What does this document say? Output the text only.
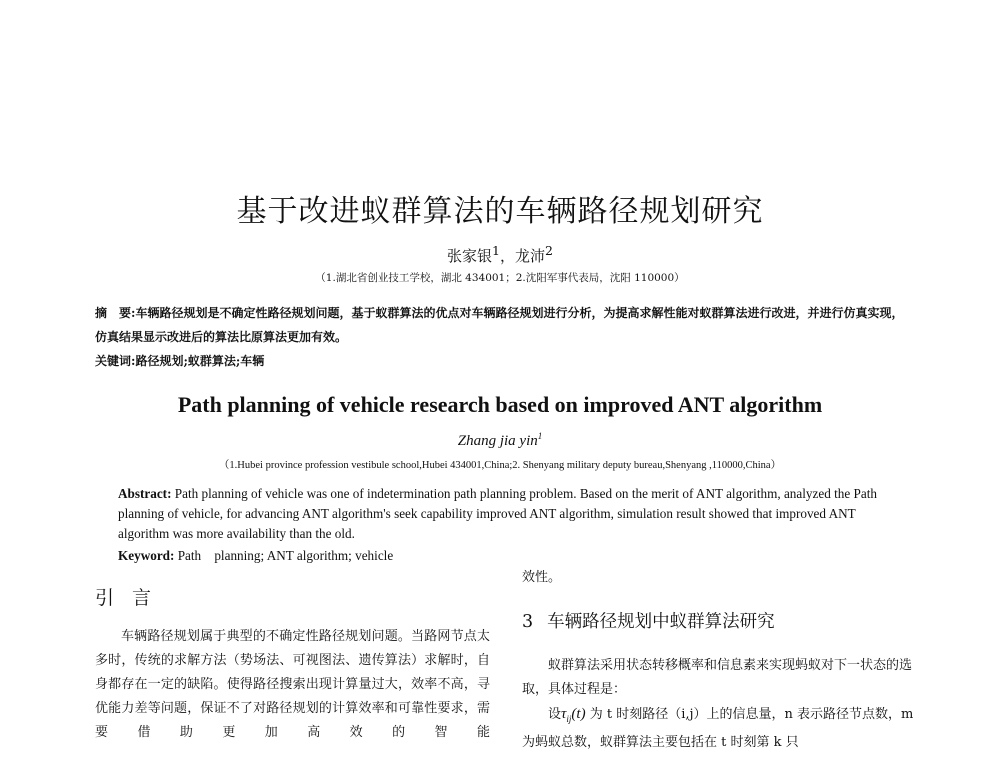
基于改进蚁群算法的车辆路径规划研究
张家银$^1$，龙沛$^2$
（1.湖北省创业技工学校，湖北 434001；2.沈阳军事代表局，沈阳 110000）
摘　要:车辆路径规划是不确定性路径规划问题，基于蚁群算法的优点对车辆路径规划进行分析，为提高求解性能对蚁群算法进行改进，并进行仿真实现，仿真结果显示改进后的算法比原算法更加有效。
关键词:路径规划;蚁群算法;车辆
Path planning of vehicle research based on improved ANT algorithm
Zhang jia yin$^1$
（1.Hubei province profession vestibule school,Hubei 434001,China;2. Shenyang military deputy bureau,Shenyang ,110000,China）
Abstract: Path planning of vehicle was one of indetermination path planning problem. Based on the merit of ANT algorithm, analyzed the Path planning of vehicle, for advancing ANT algorithm's seek capability improved ANT algorithm, simulation result showed that improved ANT algorithm was more availability than the old.
Keyword: Path　planning; ANT algorithm; vehicle
引 言
车辆路径规划属于典型的不确定性路径规划问题。当路网节点太多时，传统的求解方法（势场法、可视图法、遗传算法）求解时，自身都存在一定的缺陷。使得路径搜索出现计算量过大，效率不高，寻优能力差等问题，保证不了对路径规划的计算效率和可靠性要求，需要借助更加高效的智能
效性。
3 车辆路径规划中蚁群算法研究
蚁群算法采用状态转移概率和信息素来实现蚂蚁对下一状态的选取，具体过程是：
设$\tau_{ij}(t)$ 为 t 时刻路径（i,j）上的信息量，n 表示路径节点数，m 为蚂蚁总数，蚁群算法主要包括在 t 时刻第 k 只
